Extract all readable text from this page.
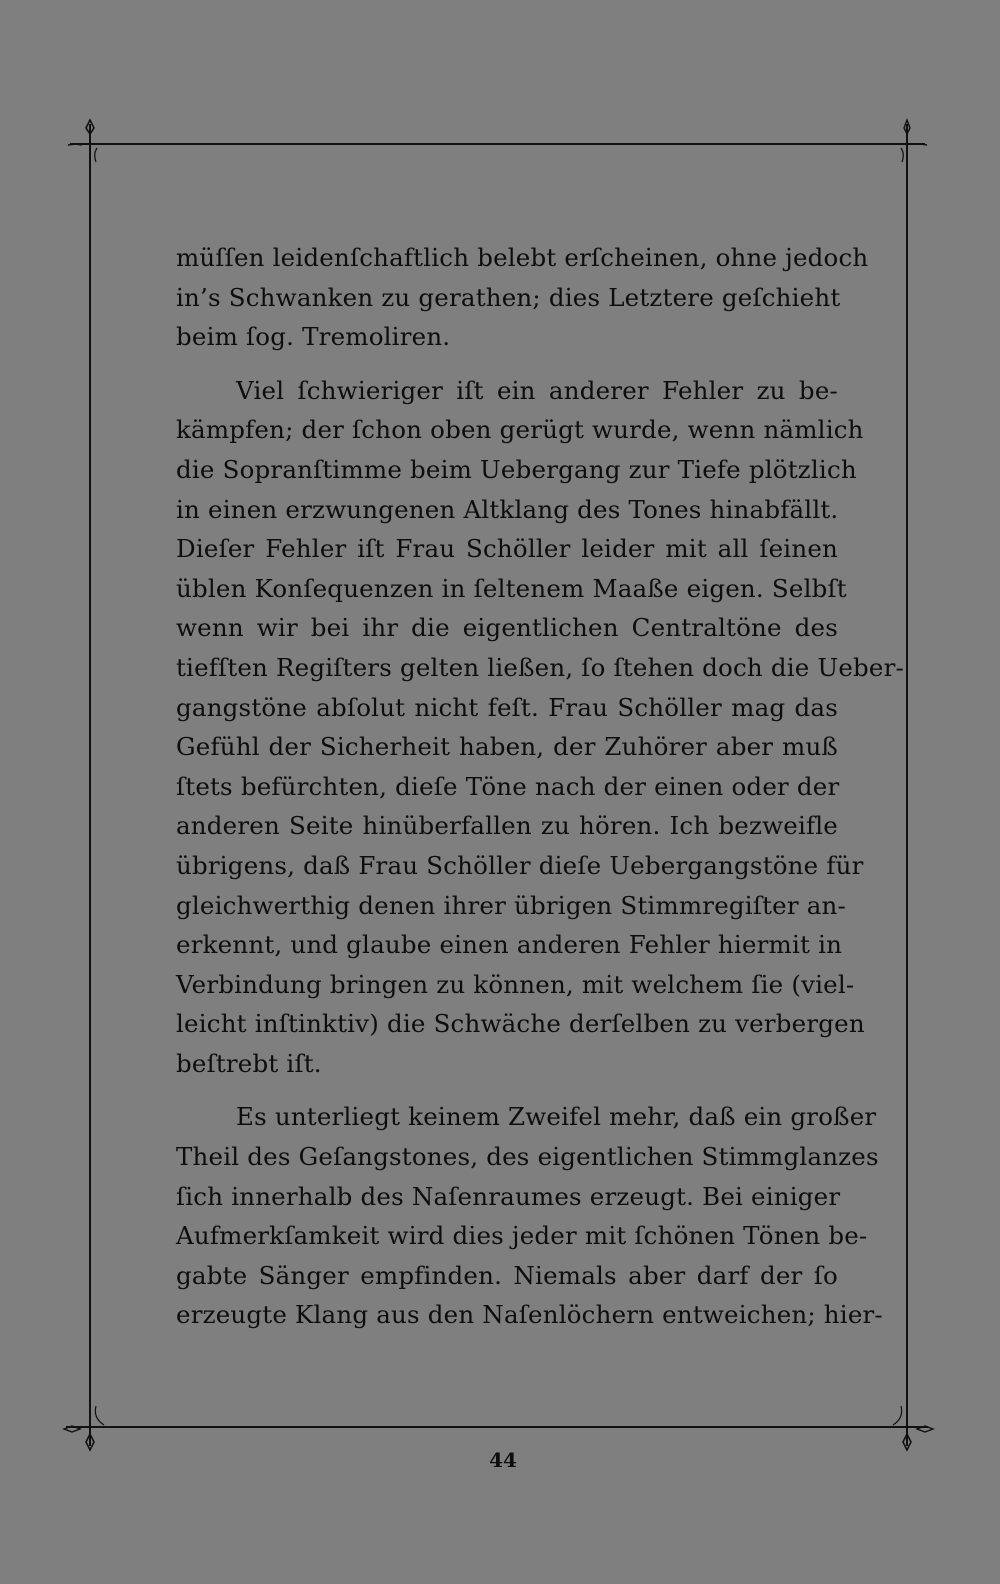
müſſen leidenſchaftlich belebt erſcheinen, ohne jedoch
in’s Schwanken zu gerathen; dies Letztere geſchieht
beim ſog. Tremoliren.
Viel ſchwieriger iſt ein anderer Fehler zu be-
kämpfen; der ſchon oben gerügt wurde, wenn nämlich
die Sopranſtimme beim Uebergang zur Tiefe plötzlich
in einen erzwungenen Altklang des Tones hinabfällt.
Dieſer Fehler iſt Frau Schöller leider mit all ſeinen
üblen Konſequenzen in ſeltenem Maaße eigen. Selbſt
wenn wir bei ihr die eigentlichen Centraltöne des
tiefſten Regiſters gelten ließen, ſo ſtehen doch die Ueber-
gangstöne abſolut nicht feſt. Frau Schöller mag das
Gefühl der Sicherheit haben, der Zuhörer aber muß
ſtets befürchten, dieſe Töne nach der einen oder der
anderen Seite hinüberfallen zu hören. Ich bezweifle
übrigens, daß Frau Schöller dieſe Uebergangstöne für
gleichwerthig denen ihrer übrigen Stimmregiſter an-
erkennt, und glaube einen anderen Fehler hiermit in
Verbindung bringen zu können, mit welchem ſie (viel-
leicht inſtinktiv) die Schwäche derſelben zu verbergen
beſtrebt iſt.
Es unterliegt keinem Zweifel mehr, daß ein großer
Theil des Geſangstones, des eigentlichen Stimmglanzes
ſich innerhalb des Naſenraumes erzeugt. Bei einiger
Aufmerkſamkeit wird dies jeder mit ſchönen Tönen be-
gabte Sänger empfinden. Niemals aber darf der ſo
erzeugte Klang aus den Naſenlöchern entweichen; hier-
44
